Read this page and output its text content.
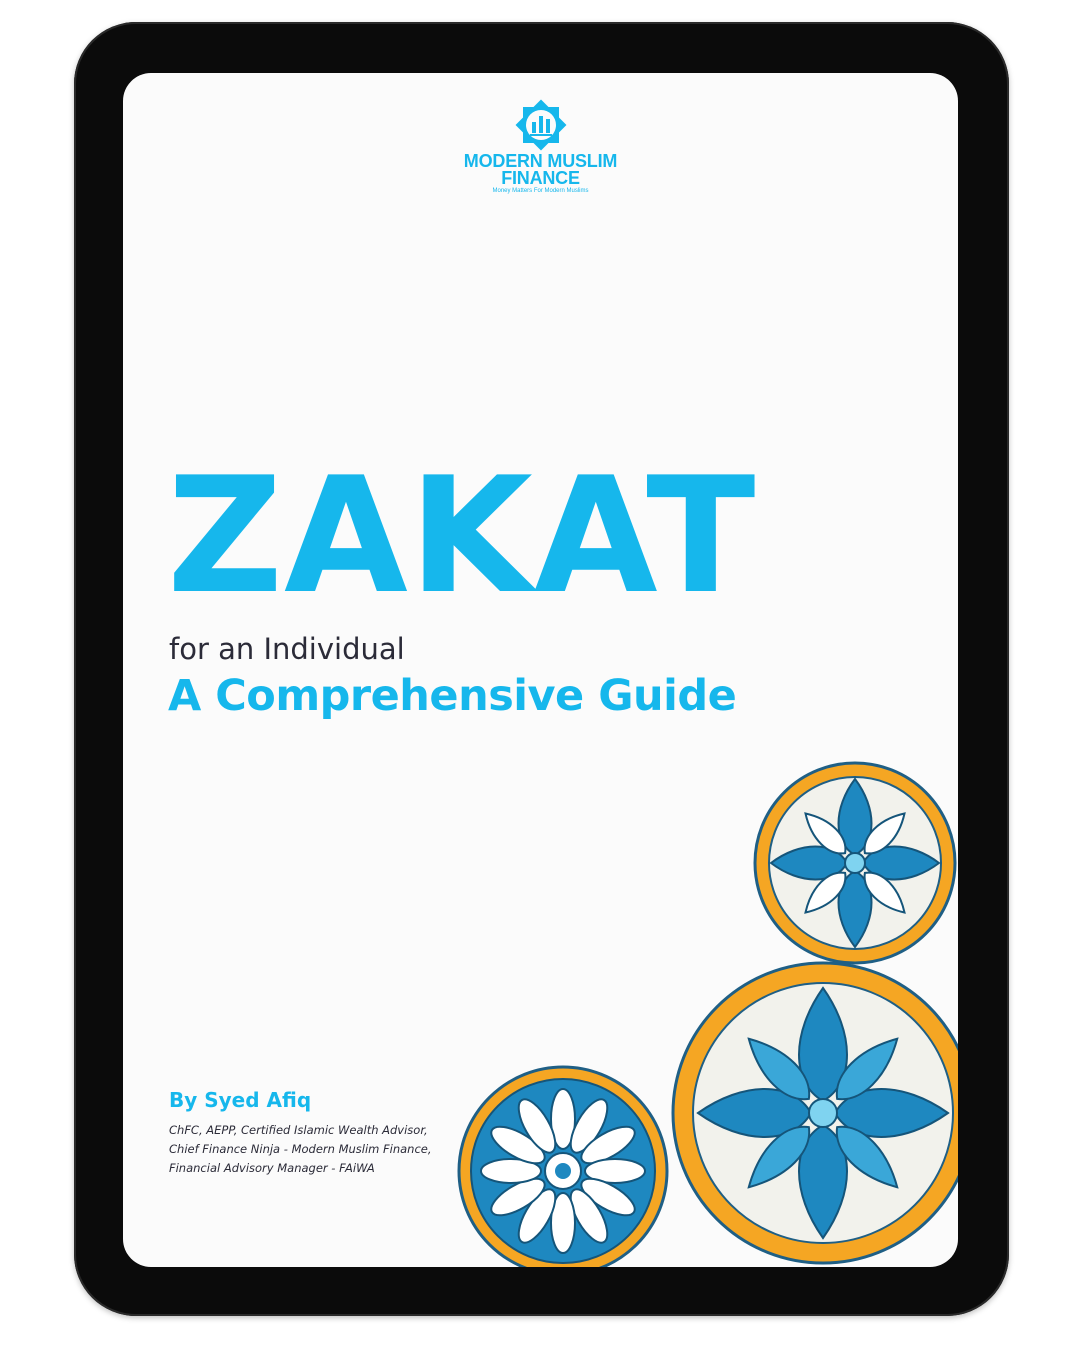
MODERN MUSLIM
FINANCE
Money Matters For Modern Muslims
ZAKAT
for an Individual
A Comprehensive Guide
By Syed Afiq
ChFC, AEPP, Certified Islamic Wealth Advisor,
Chief Finance Ninja - Modern Muslim Finance,
Financial Advisory Manager - FAiWA
